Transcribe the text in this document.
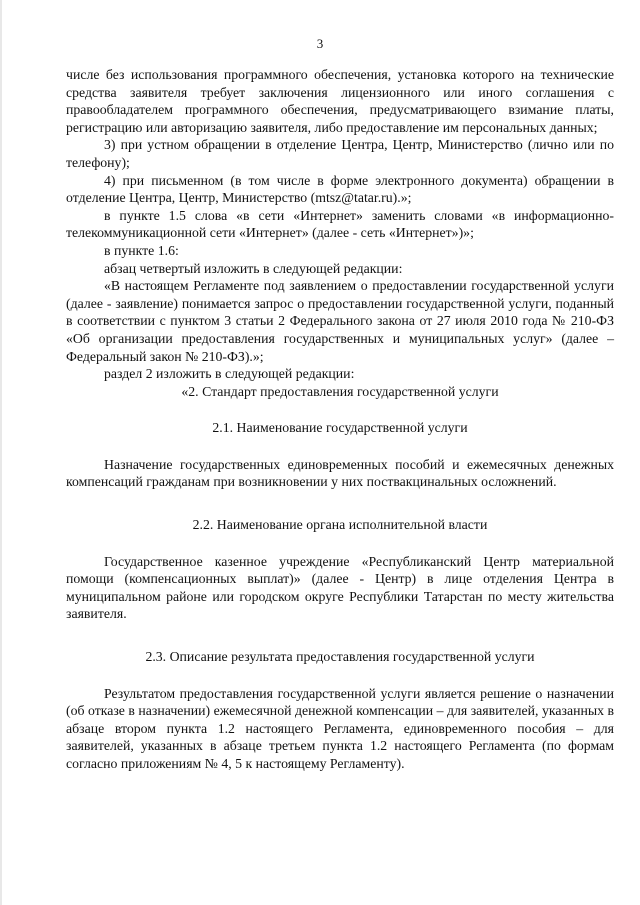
3

числе без использования программного обеспечения, установка которого на технические средства заявителя требует заключения лицензионного или иного соглашения с правообладателем программного обеспечения, предусматривающего взимание платы, регистрацию или авторизацию заявителя, либо предоставление им персональных данных;

3) при устном обращении в отделение Центра, Центр, Министерство (лично или по телефону);

4) при письменном (в том числе в форме электронного документа) обращении в отделение Центра, Центр, Министерство (mtsz@tatar.ru).»;

в пункте 1.5 слова «в сети «Интернет» заменить словами «в информационно-телекоммуникационной сети «Интернет» (далее - сеть «Интернет»)»;

в пункте 1.6:

абзац четвертый изложить в следующей редакции:

«В настоящем Регламенте под заявлением о предоставлении государственной услуги (далее - заявление) понимается запрос о предоставлении государственной услуги, поданный в соответствии с пунктом 3 статьи 2 Федерального закона от 27 июля 2010 года № 210-ФЗ «Об организации предоставления государственных и муниципальных услуг» (далее – Федеральный закон № 210-ФЗ).»;

раздел 2 изложить в следующей редакции:

«2. Стандарт предоставления государственной услуги

2.1. Наименование государственной услуги

Назначение государственных единовременных пособий и ежемесячных денежных компенсаций гражданам при возникновении у них поствакцинальных осложнений.

2.2. Наименование органа исполнительной власти

Государственное казенное учреждение «Республиканский Центр материальной помощи (компенсационных выплат)» (далее - Центр) в лице отделения Центра в муниципальном районе или городском округе Республики Татарстан по месту жительства заявителя.

2.3. Описание результата предоставления государственной услуги

Результатом предоставления государственной услуги является решение о назначении (об отказе в назначении) ежемесячной денежной компенсации – для заявителей, указанных в абзаце втором пункта 1.2 настоящего Регламента, единовременного пособия – для заявителей, указанных в абзаце третьем пункта 1.2 настоящего Регламента (по формам согласно приложениям № 4, 5 к настоящему Регламенту).
